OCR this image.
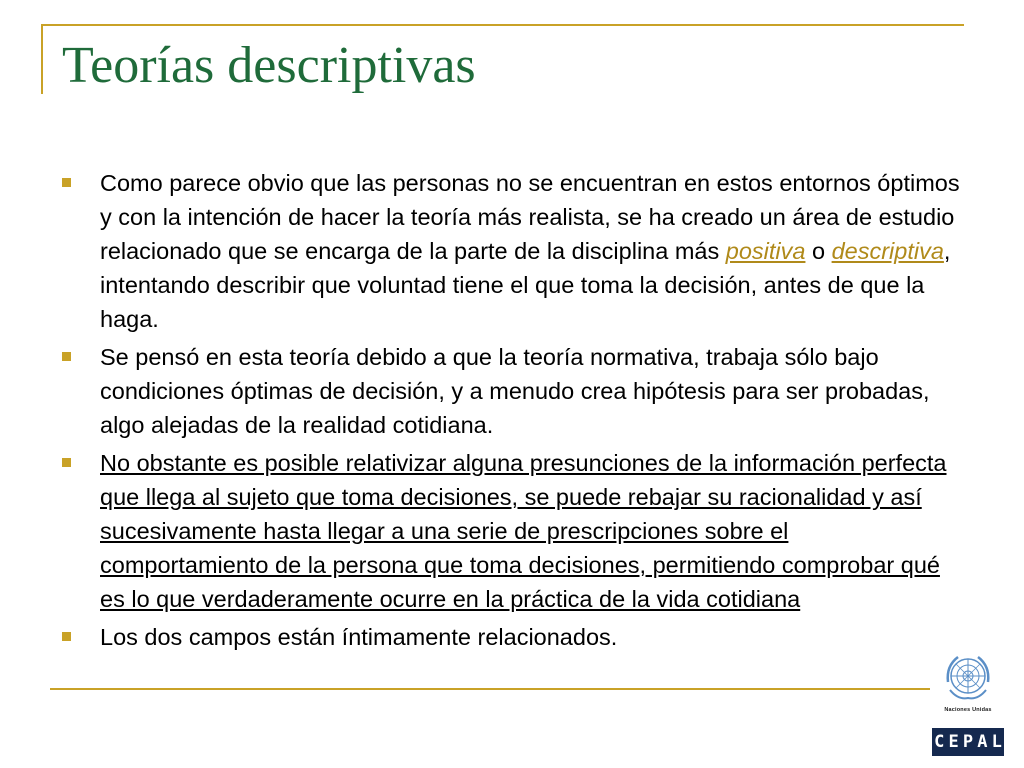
Teorías descriptivas
Como parece obvio que las personas no se encuentran en estos entornos óptimos y con la intención de hacer la teoría más realista, se ha creado un área de estudio relacionado que se encarga de la parte de la disciplina más positiva o descriptiva, intentando describir que voluntad tiene el que toma la decisión, antes de que la haga.
Se pensó en esta teoría debido a que la teoría normativa, trabaja sólo bajo condiciones óptimas de decisión, y a menudo crea hipótesis para ser probadas, algo alejadas de la realidad cotidiana.
No obstante es posible relativizar alguna presunciones de la información perfecta que llega al sujeto que toma decisiones, se puede rebajar su racionalidad y así sucesivamente hasta llegar a una serie de prescripciones sobre el comportamiento de la persona que toma decisiones, permitiendo comprobar qué es lo que verdaderamente ocurre en la práctica de la vida cotidiana
Los dos campos están íntimamente relacionados.
Naciones Unidas
C E P A L
